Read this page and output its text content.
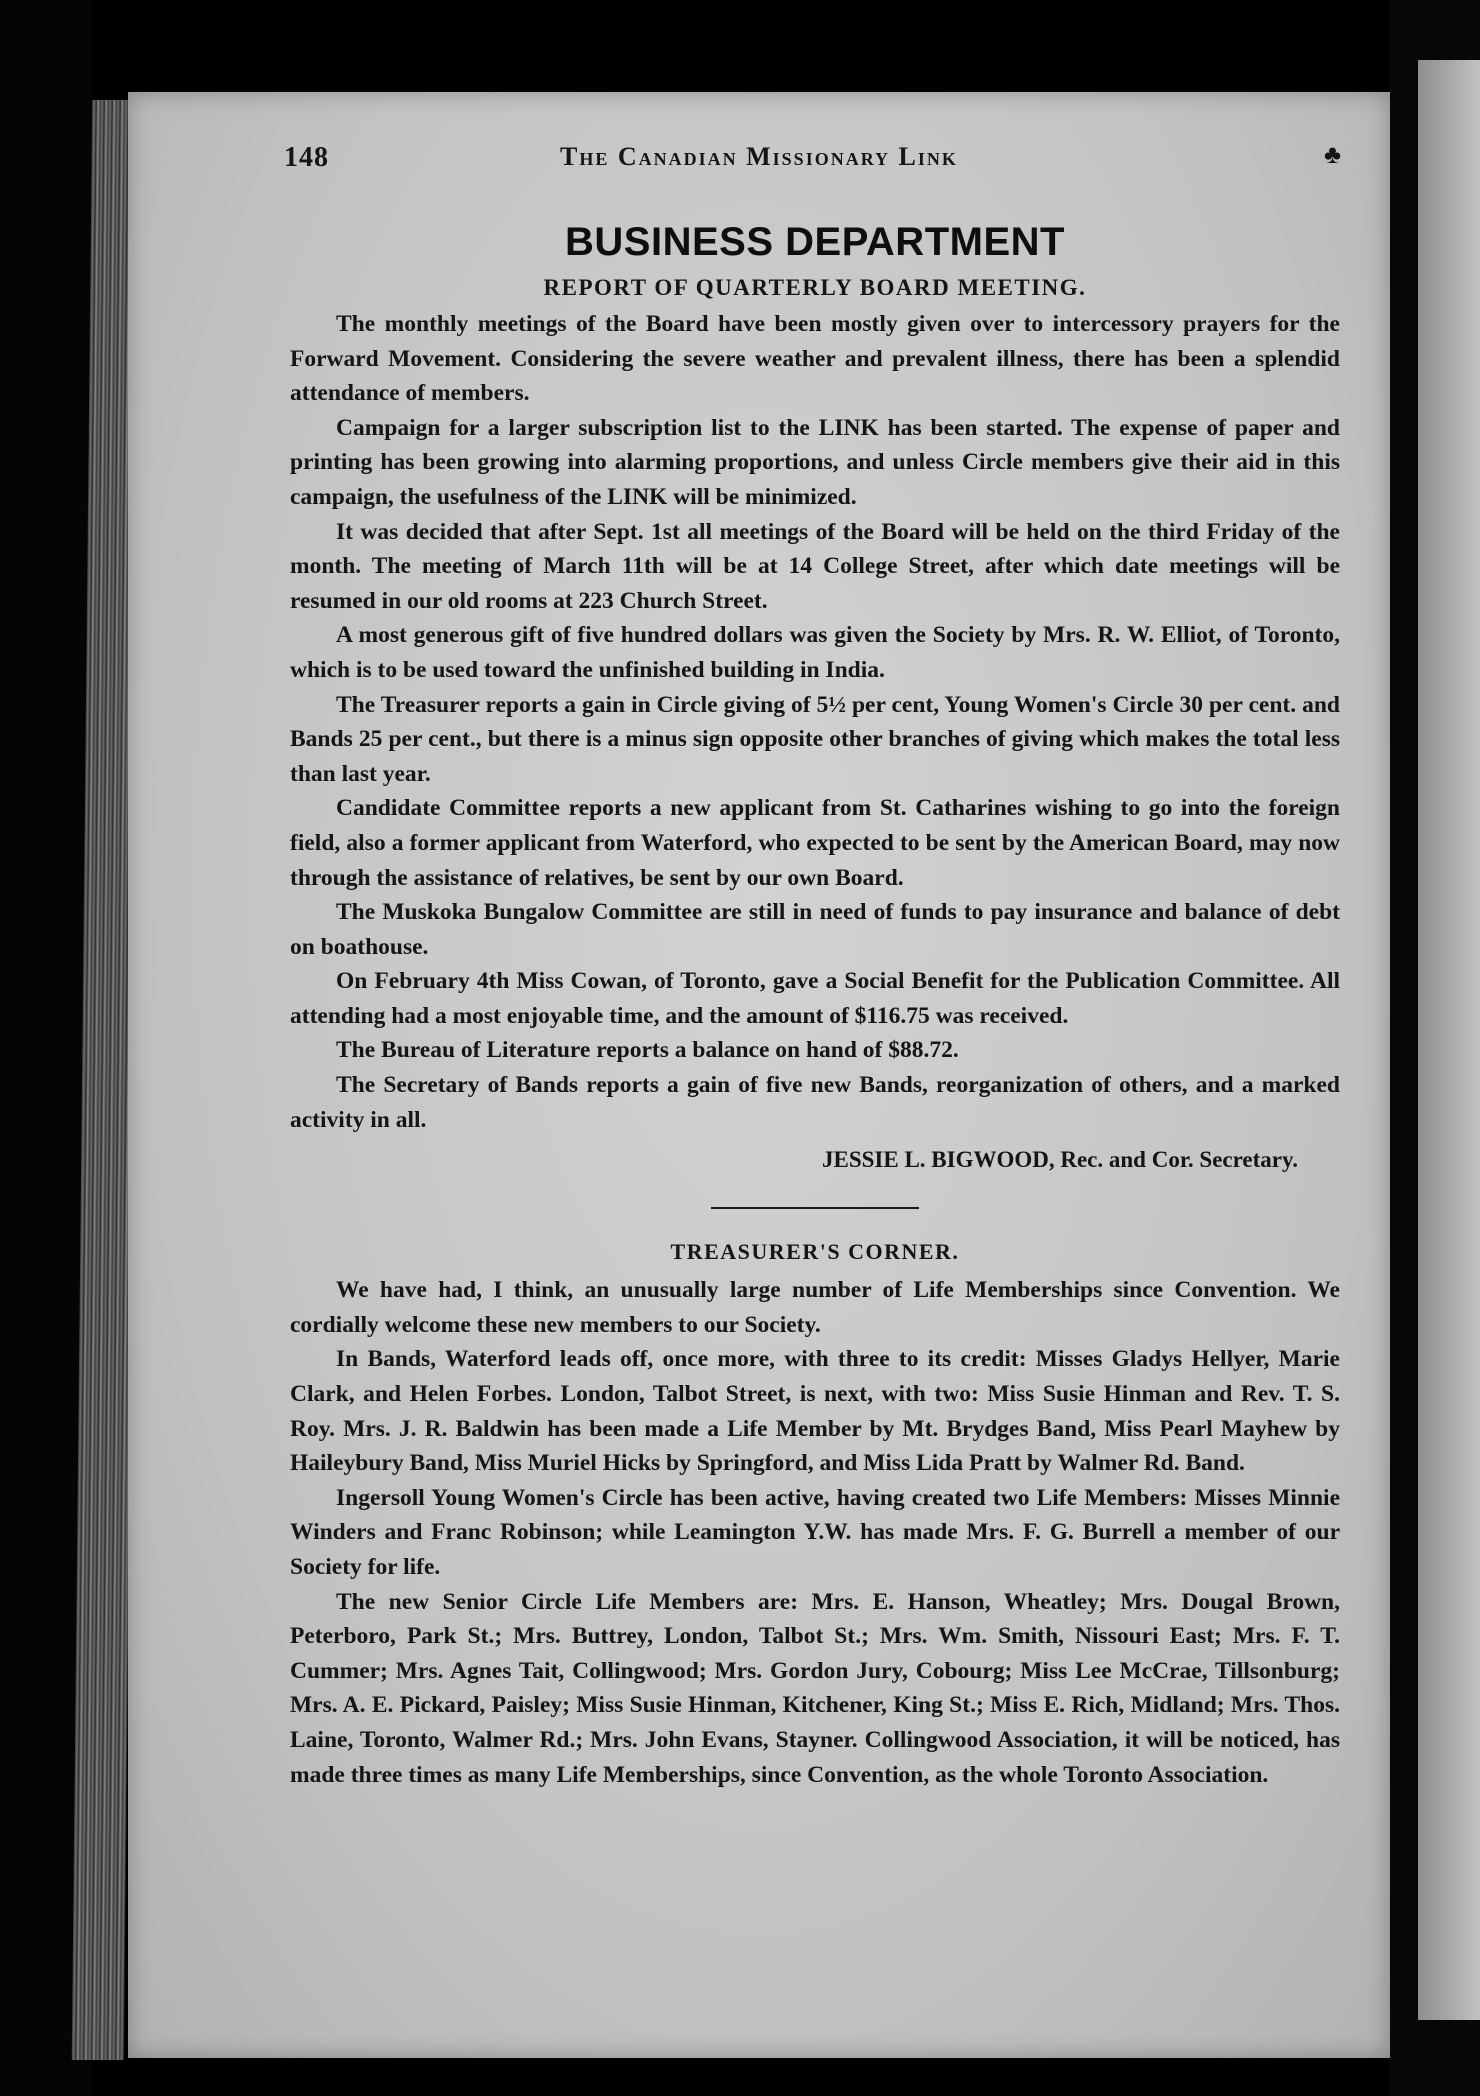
148	The Canadian Missionary Link	♣
BUSINESS DEPARTMENT
REPORT OF QUARTERLY BOARD MEETING.

The monthly meetings of the Board have been mostly given over to intercessory prayers for the Forward Movement. Considering the severe weather and prevalent illness, there has been a splendid attendance of members.

Campaign for a larger subscription list to the LINK has been started. The expense of paper and printing has been growing into alarming proportions, and unless Circle members give their aid in this campaign, the usefulness of the LINK will be minimized.

It was decided that after Sept. 1st all meetings of the Board will be held on the third Friday of the month. The meeting of March 11th will be at 14 College Street, after which date meetings will be resumed in our old rooms at 223 Church Street.

A most generous gift of five hundred dollars was given the Society by Mrs. R. W. Elliot, of Toronto, which is to be used toward the unfinished building in India.

The Treasurer reports a gain in Circle giving of 5½ per cent, Young Women's Circle 30 per cent. and Bands 25 per cent., but there is a minus sign opposite other branches of giving which makes the total less than last year.

Candidate Committee reports a new applicant from St. Catharines wishing to go into the foreign field, also a former applicant from Waterford, who expected to be sent by the American Board, may now through the assistance of relatives, be sent by our own Board.

The Muskoka Bungalow Committee are still in need of funds to pay insurance and balance of debt on boathouse.

On February 4th Miss Cowan, of Toronto, gave a Social Benefit for the Publication Committee. All attending had a most enjoyable time, and the amount of $116.75 was received.

The Bureau of Literature reports a balance on hand of $88.72.

The Secretary of Bands reports a gain of five new Bands, reorganization of others, and a marked activity in all.

JESSIE L. BIGWOOD, Rec. and Cor. Secretary.
TREASURER'S CORNER.

We have had, I think, an unusually large number of Life Memberships since Convention. We cordially welcome these new members to our Society.

In Bands, Waterford leads off, once more, with three to its credit: Misses Gladys Hellyer, Marie Clark, and Helen Forbes. London, Talbot Street, is next, with two: Miss Susie Hinman and Rev. T. S. Roy. Mrs. J. R. Baldwin has been made a Life Member by Mt. Brydges Band, Miss Pearl Mayhew by Haileybury Band, Miss Muriel Hicks by Springford, and Miss Lida Pratt by Walmer Rd. Band.

Ingersoll Young Women's Circle has been active, having created two Life Members: Misses Minnie Winders and Franc Robinson; while Leamington Y.W. has made Mrs. F. G. Burrell a member of our Society for life.

The new Senior Circle Life Members are: Mrs. E. Hanson, Wheatley; Mrs. Dougal Brown, Peterboro, Park St.; Mrs. Buttrey, London, Talbot St.; Mrs. Wm. Smith, Nissouri East; Mrs. F. T. Cummer; Mrs. Agnes Tait, Collingwood; Mrs. Gordon Jury, Cobourg; Miss Lee McCrae, Tillsonburg; Mrs. A. E. Pickard, Paisley; Miss Susie Hinman, Kitchener, King St.; Miss E. Rich, Midland; Mrs. Thos. Laine, Toronto, Walmer Rd.; Mrs. John Evans, Stayner. Collingwood Association, it will be noticed, has made three times as many Life Memberships, since Convention, as the whole Toronto Association.
